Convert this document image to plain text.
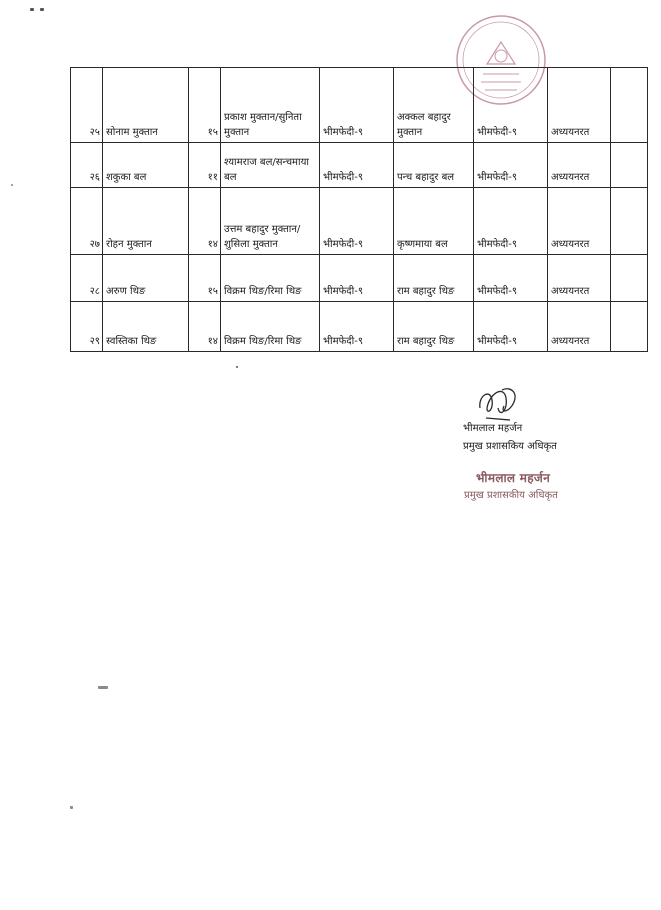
२५	सोनाम मुक्तान	१५	प्रकाश मुक्तान/सुनिता मुक्तान	भीमफेदी-९	अक्कल बहादुर मुक्तान	भीमफेदी-९	अध्ययनरत	
२६	शकुका बल	११	श्यामराज बल/सन्चमाया बल	भीमफेदी-९	पन्च बहादुर बल	भीमफेदी-९	अध्ययनरत	
२७	रोहन मुक्तान	१४	उत्तम बहादुर मुक्तान/शुसिला मुक्तान	भीमफेदी-९	कृष्णमाया बल	भीमफेदी-९	अध्ययनरत	
२८	अरुण थिङ	१५	विक्रम थिङ/रिमा थिङ	भीमफेदी-९	राम बहादुर थिङ	भीमफेदी-९	अध्ययनरत	
२९	स्वस्तिका थिङ	१४	विक्रम थिङ/रिमा थिङ	भीमफेदी-९	राम बहादुर थिङ	भीमफेदी-९	अध्ययनरत	
भीमलाल महर्जन
प्रमुख प्रशासकिय अधिकृत
भीमलाल महर्जन
प्रमुख प्रशासकीय अधिकृत
